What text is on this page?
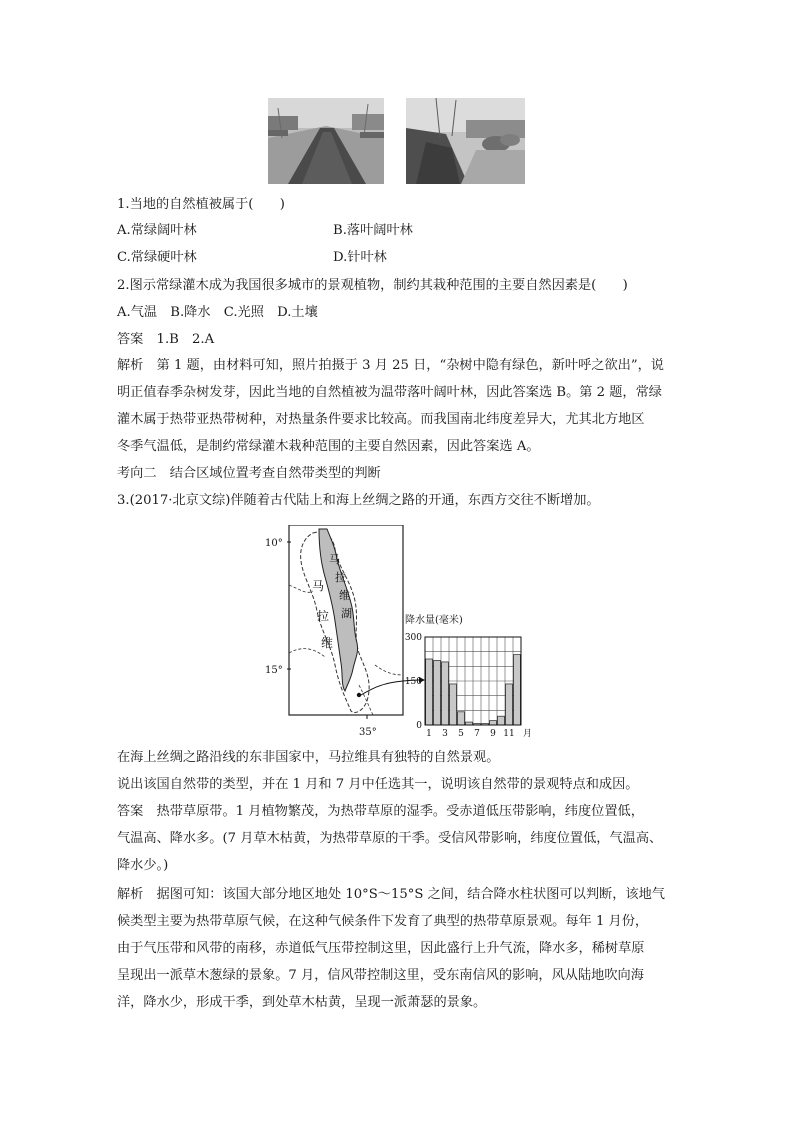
1.当地的自然植被属于(　　)
A.常绿阔叶林	B.落叶阔叶林
C.常绿硬叶林	D.针叶林
2.图示常绿灌木成为我国很多城市的景观植物，制约其栽种范围的主要自然因素是(　　)
A.气温　B.降水　C.光照　D.土壤
答案　1.B　2.A
解析　第 1 题，由材料可知，照片拍摄于 3 月 25 日，“杂树中隐有绿色，新叶呼之欲出”，说
明正值春季杂树发芽，因此当地的自然植被为温带落叶阔叶林，因此答案选 B。第 2 题，常绿
灌木属于热带亚热带树种，对热量条件要求比较高。而我国南北纬度差异大，尤其北方地区
冬季气温低，是制约常绿灌木栽种范围的主要自然因素，因此答案选 A。
考向二　结合区域位置考查自然带类型的判断
3.(2017·北京文综)伴随着古代陆上和海上丝绸之路的开通，东西方交往不断增加。
10°
15°
35°
马
拉
维
马
拉
维
湖
降水量(毫米)
0
150
300
1 3 5 7 9 11 月
在海上丝绸之路沿线的东非国家中，马拉维具有独特的自然景观。
说出该国自然带的类型，并在 1 月和 7 月中任选其一，说明该自然带的景观特点和成因。
答案　热带草原带。1 月植物繁茂，为热带草原的湿季。受赤道低压带影响，纬度位置低，
气温高、降水多。(7 月草木枯黄，为热带草原的干季。受信风带影响，纬度位置低，气温高、
降水少。)
解析　据图可知：该国大部分地区地处 10°S～15°S 之间，结合降水柱状图可以判断，该地气
候类型主要为热带草原气候，在这种气候条件下发育了典型的热带草原景观。每年 1 月份，
由于气压带和风带的南移，赤道低气压带控制这里，因此盛行上升气流，降水多，稀树草原
呈现出一派草木葱绿的景象。7 月，信风带控制这里，受东南信风的影响，风从陆地吹向海
洋，降水少，形成干季，到处草木枯黄，呈现一派萧瑟的景象。
